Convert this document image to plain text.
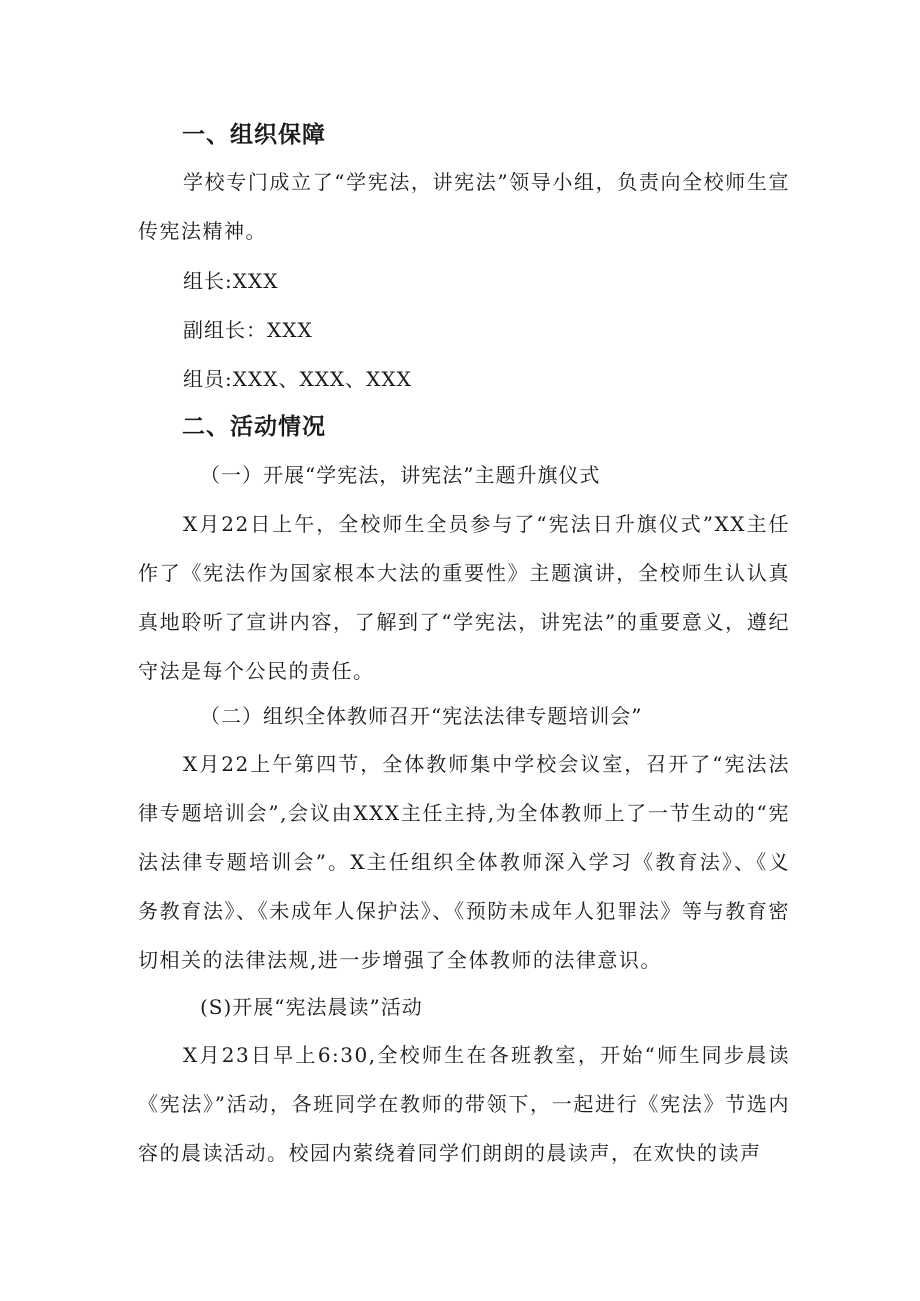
一、组织保障
学校专门成立了“学宪法，讲宪法”领导小组，负责向全校师生宣传宪法精神。
组长:XXX
副组长：XXX
组员:XXX、XXX、XXX
二、活动情况
（一）开展“学宪法，讲宪法”主题升旗仪式
X月22日上午，全校师生全员参与了“宪法日升旗仪式”XX主任作了《宪法作为国家根本大法的重要性》主题演讲，全校师生认认真真地聆听了宣讲内容，了解到了“学宪法，讲宪法”的重要意义，遵纪守法是每个公民的责任。
（二）组织全体教师召开“宪法法律专题培训会”
X月22上午第四节，全体教师集中学校会议室，召开了“宪法法律专题培训会”,会议由XXX主任主持,为全体教师上了一节生动的“宪法法律专题培训会”。X主任组织全体教师深入学习《教育法》、《义务教育法》、《未成年人保护法》、《预防未成年人犯罪法》等与教育密切相关的法律法规,进一步增强了全体教师的法律意识。
(S)开展“宪法晨读”活动
X月23日早上6:30,全校师生在各班教室，开始“师生同步晨读《宪法》”活动，各班同学在教师的带领下，一起进行《宪法》节选内容的晨读活动。校园内萦绕着同学们朗朗的晨读声，在欢快的读声
